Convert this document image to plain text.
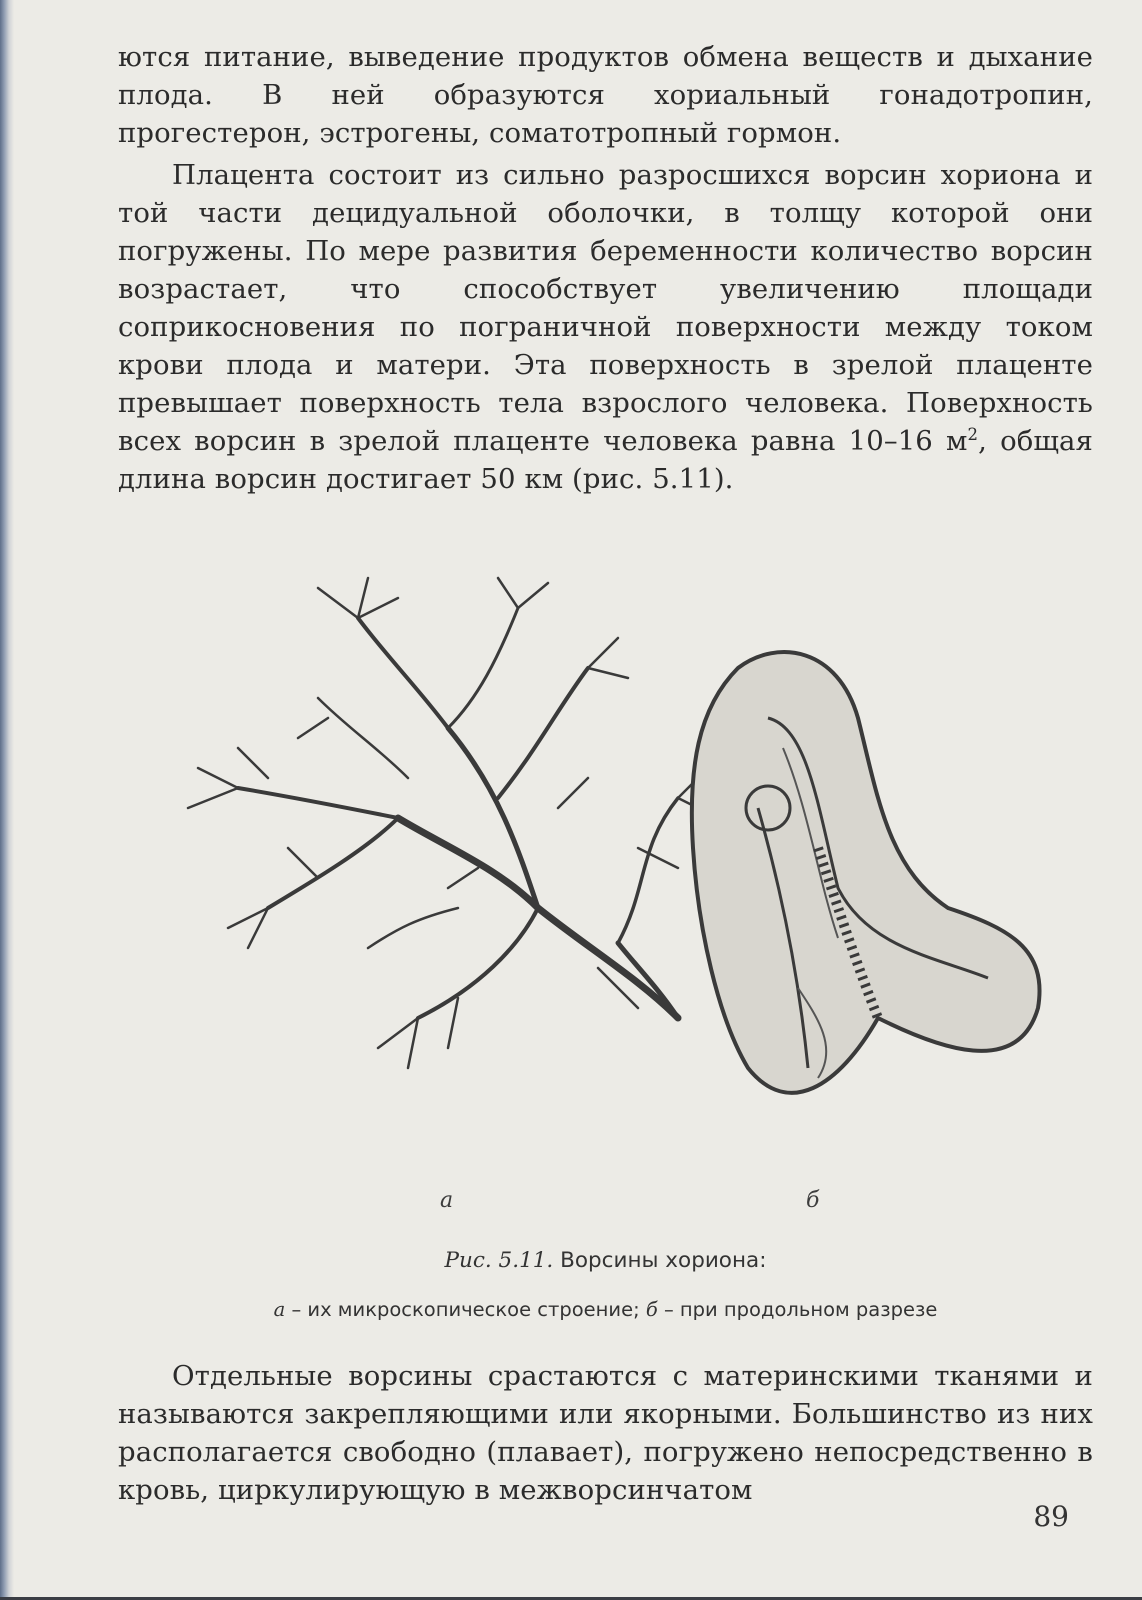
ются питание, выведение продуктов обмена веществ и дыхание плода. В ней образуются хориальный гонадотропин, прогестерон, эстрогены, соматотропный гормон.

Плацента состоит из сильно разросшихся ворсин хориона и той части децидуальной оболочки, в толщу которой они погружены. По мере развития беременности количество ворсин возрастает, что способствует увеличению площади соприкосновения по пограничной поверхности между током крови плода и матери. Эта поверхность в зрелой плаценте превышает поверхность тела взрослого человека. Поверхность всех ворсин в зрелой плаценте человека равна 10–16 $м^2$, общая длина ворсин достигает 50 км (рис. 5.11).

а	б
Рис. 5.11. Ворсины хориона:
а – их микроскопическое строение; б – при продольном разрезе

Отдельные ворсины срастаются с материнскими тканями и называются закрепляющими или якорными. Большинство из них располагается свободно (плавает), погружено непосредственно в кровь, циркулирующую в межворсинчатом

89
